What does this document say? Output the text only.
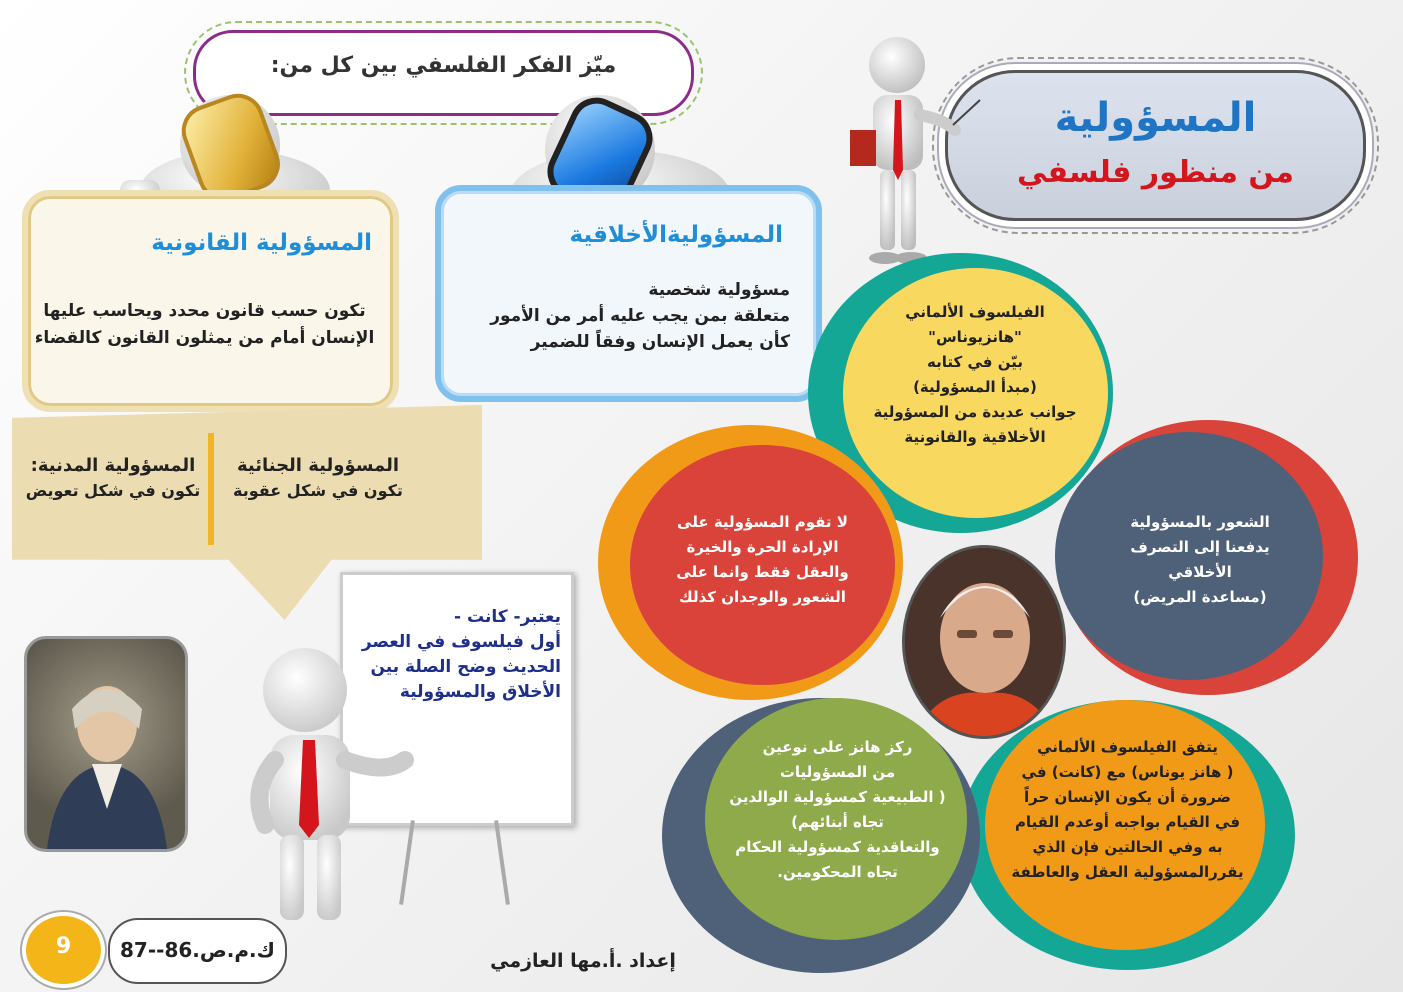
المسؤولية
من منظور فلسفي
ميّز الفكر الفلسفي بين كل من:
المسؤولية القانونية
تكون حسب قانون محدد ويحاسب عليها الإنسان أمام من يمثلون القانون كالقضاء
المسؤوليةالأخلاقية
مسؤولية شخصية
متعلقة بمن يجب عليه أمر من الأمور
كأن يعمل الإنسان وفقاً للضمير
المسؤولية الجنائية
تكون في شكل عقوبة
المسؤولية المدنية:
تكون في شكل تعويض
يعتبر- كانت -
أول فيلسوف في العصر
الحديث وضح الصلة بين
الأخلاق والمسؤولية
الفيلسوف الألماني
"هانزيوناس"
بيّن في كتابه
(مبدأ المسؤولية)
جوانب عديدة من المسؤولية
الأخلاقية والقانونية
الشعور بالمسؤولية
يدفعنا إلى التصرف
الأخلاقي
(مساعدة المريض)
لا تقوم المسؤولية على
الإرادة الحرة والخيرة
والعقل فقط وانما على
الشعور والوجدان كذلك
ركز هانز على نوعين
من المسؤوليات
( الطبيعية كمسؤولية الوالدين
تجاه أبنائهم)
والتعاقدية كمسؤولية الحكام
تجاه المحكومين.
يتفق الفيلسوف الألماني
( هانز يوناس) مع (كانت) في
ضرورة أن يكون الإنسان حراً
في القيام بواجبه أوعدم القيام
به وفي الحالتين فإن الذي
يقررالمسؤولية العقل والعاطفة
9	ك.م.ص.86--87	إعداد .أ.مها العازمي
